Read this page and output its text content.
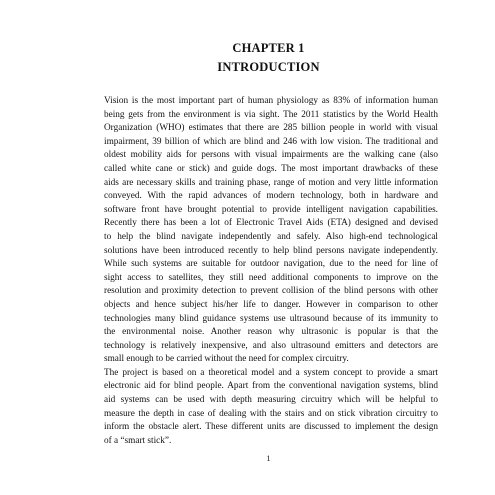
CHAPTER 1
INTRODUCTION
Vision is the most important part of human physiology as 83% of information human
being gets from the environment is via sight. The 2011 statistics by the World Health
Organization (WHO) estimates that there are 285 billion people in world with visual
impairment, 39 billion of which are blind and 246 with low vision. The traditional and
oldest mobility aids for persons with visual impairments are the walking cane (also
called white cane or stick) and guide dogs. The most important drawbacks of these
aids are necessary skills and training phase, range of motion and very little information
conveyed. With the rapid advances of modern technology, both in hardware and
software front have brought potential to provide intelligent navigation capabilities.
Recently there has been a lot of Electronic Travel Aids (ETA) designed and devised
to help the blind navigate independently and safely. Also high-end technological
solutions have been introduced recently to help blind persons navigate independently.
While such systems are suitable for outdoor navigation, due to the need for line of
sight access to satellites, they still need additional components to improve on the
resolution and proximity detection to prevent collision of the blind persons with other
objects and hence subject his/her life to danger. However in comparison to other
technologies many blind guidance systems use ultrasound because of its immunity to
the environmental noise. Another reason why ultrasonic is popular is that the
technology is relatively inexpensive, and also ultrasound emitters and detectors are
small enough to be carried without the need for complex circuitry.
The project is based on a theoretical model and a system concept to provide a smart
electronic aid for blind people. Apart from the conventional navigation systems, blind
aid systems can be used with depth measuring circuitry which will be helpful to
measure the depth in case of dealing with the stairs and on stick vibration circuitry to
inform the obstacle alert. These different units are discussed to implement the design
of a “smart stick”.
1
